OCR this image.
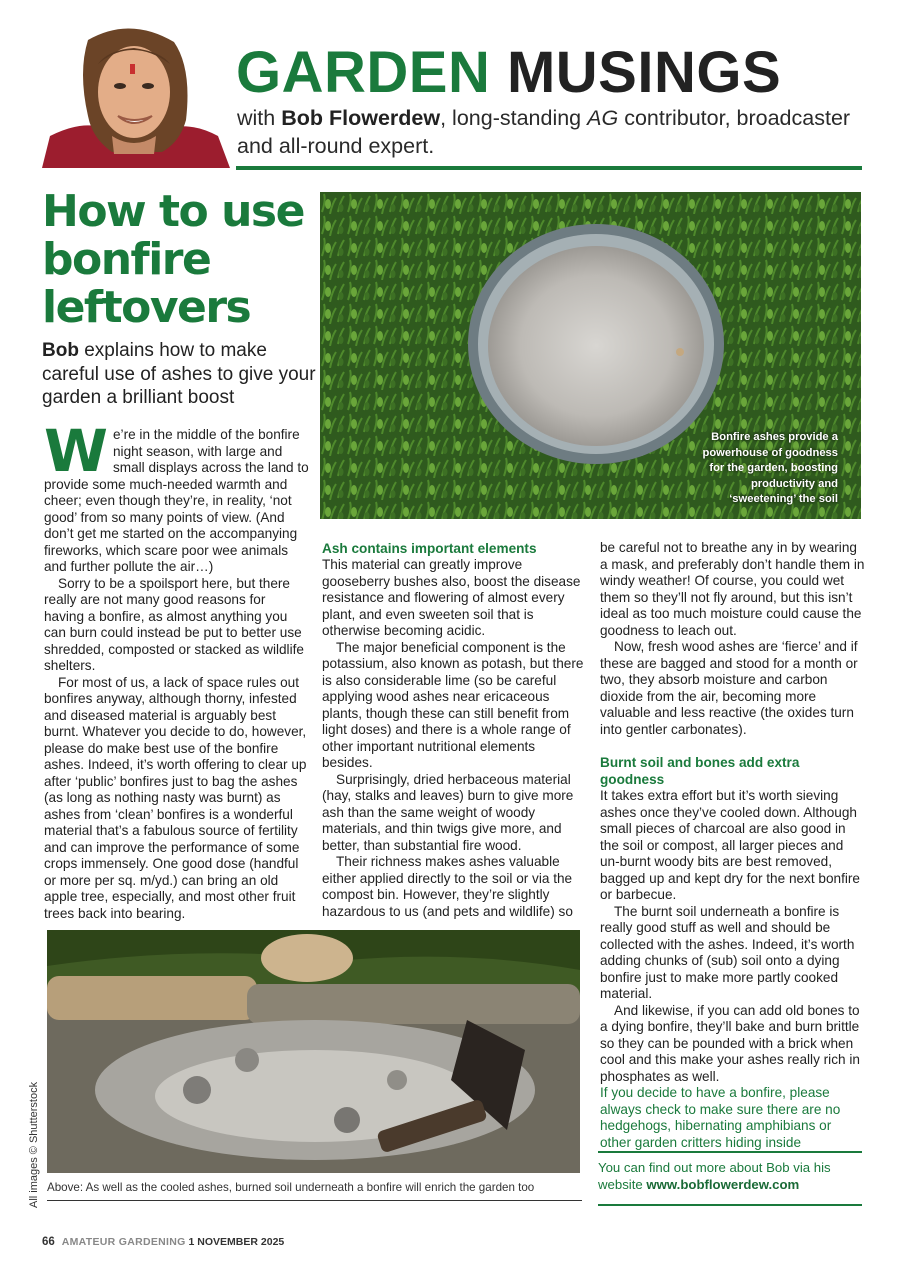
GARDEN MUSINGS
with Bob Flowerdew, long-standing AG contributor, broadcaster and all-round expert.
How to use
bonfire
leftovers
Bob explains how to make careful use of ashes to give your garden a brilliant boost

We’re in the middle of the bonfire night season, with large and small displays across the land to provide some much-needed warmth and cheer; even though they’re, in reality, ‘not good’ from so many points of view. (And don’t get me started on the accompanying fireworks, which scare poor wee animals and further pollute the air…)

Sorry to be a spoilsport here, but there really are not many good reasons for having a bonfire, as almost anything you can burn could instead be put to better use shredded, composted or stacked as wildlife shelters.

For most of us, a lack of space rules out bonfires anyway, although thorny, infested and diseased material is arguably best burnt. Whatever you decide to do, however, please do make best use of the bonfire ashes. Indeed, it’s worth offering to clear up after ‘public’ bonfires just to bag the ashes (as long as nothing nasty was burnt) as ashes from ‘clean’ bonfires is a wonderful material that’s a fabulous source of fertility and can improve the performance of some crops immensely. One good dose (handful or more per sq. m/yd.) can bring an old apple tree, especially, and most other fruit trees back into bearing.

Bonfire ashes provide a powerhouse of goodness for the garden, boosting productivity and ‘sweetening’ the soil
Ash contains important elements

This material can greatly improve gooseberry bushes also, boost the disease resistance and flowering of almost every plant, and even sweeten soil that is otherwise becoming acidic.

The major beneficial component is the potassium, also known as potash, but there is also considerable lime (so be careful applying wood ashes near ericaceous plants, though these can still benefit from light doses) and there is a whole range of other important nutritional elements besides.

Surprisingly, dried herbaceous material (hay, stalks and leaves) burn to give more ash than the same weight of woody materials, and thin twigs give more, and better, than substantial fire wood.

Their richness makes ashes valuable either applied directly to the soil or via the compost bin. However, they’re slightly hazardous to us (and pets and wildlife) so

be careful not to breathe any in by wearing a mask, and preferably don’t handle them in windy weather! Of course, you could wet them so they’ll not fly around, but this isn’t ideal as too much moisture could cause the goodness to leach out.

Now, fresh wood ashes are ‘fierce’ and if these are bagged and stood for a month or two, they absorb moisture and carbon dioxide from the air, becoming more valuable and less reactive (the oxides turn into gentler carbonates).

Burnt soil and bones add extra goodness

It takes extra effort but it’s worth sieving ashes once they’ve cooled down. Although small pieces of charcoal are also good in the soil or compost, all larger pieces and un-burnt woody bits are best removed, bagged up and kept dry for the next bonfire or barbecue.

The burnt soil underneath a bonfire is really good stuff as well and should be collected with the ashes. Indeed, it’s worth adding chunks of (sub) soil onto a dying bonfire just to make more partly cooked material.

And likewise, if you can add old bones to a dying bonfire, they’ll bake and burn brittle so they can be pounded with a brick when cool and this make your ashes really rich in phosphates as well.

If you decide to have a bonfire, please always check to make sure there are no hedgehogs, hibernating amphibians or other garden critters hiding inside

Above: As well as the cooled ashes, burned soil underneath a bonfire will enrich the garden too
All images © Shutterstock	You can find out more about Bob via his website www.bobflowerdew.com
66 AMATEUR GARDENING 1 NOVEMBER 2025
